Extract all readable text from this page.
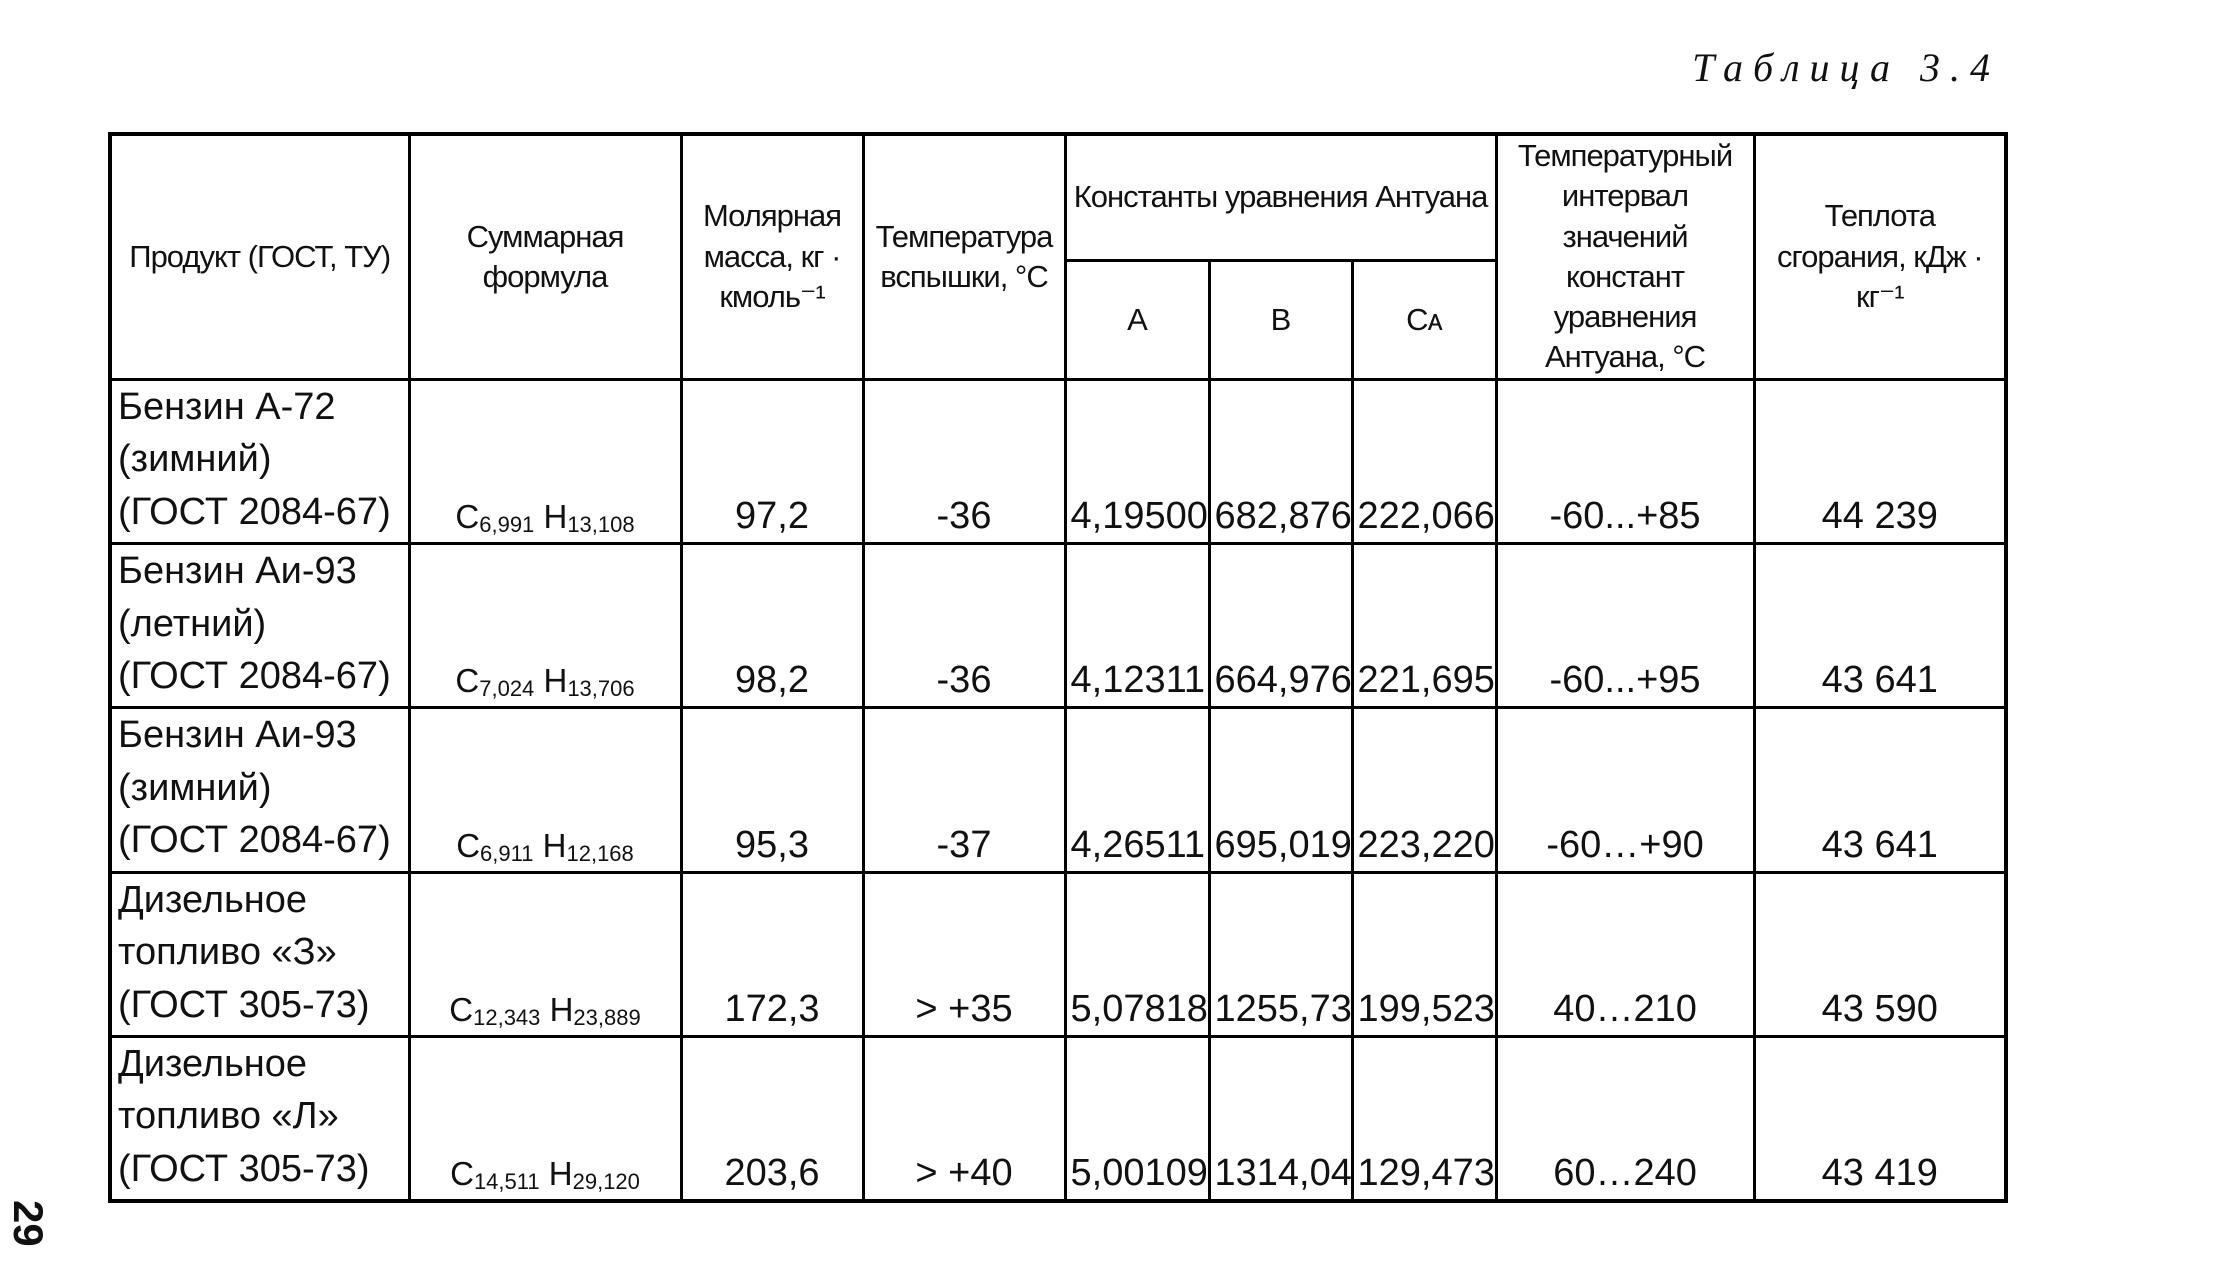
Таблица 3.4
Продукт (ГОСТ, ТУ)	Суммарная формула	Молярная масса, кг · кмоль⁻¹	Температура вспышки, °С	Константы уравнения Антуана			Температурный интервал значений констант уравнения Антуана, °С	Теплота сгорания, кДж · кг⁻¹
				А	В	Cᴀ		

Бензин А-72
(зимний)
(ГОСТ 2084-67)	$C_{6,991}$ $H_{13,108}$	97,2	-36	4,19500	682,876	222,066	-60...+85	44 239

Бензин Аи-93
(летний)
(ГОСТ 2084-67)	$C_{7,024}$ $H_{13,706}$	98,2	-36	4,12311	664,976	221,695	-60...+95	43 641

Бензин Аи-93
(зимний)
(ГОСТ 2084-67)	$C_{6,911}$ $H_{12,168}$	95,3	-37	4,26511	695,019	223,220	-60…+90	43 641

Дизельное
топливо «З»
(ГОСТ 305-73)	$C_{12,343}$ $H_{23,889}$	172,3	> +35	5,07818	1255,73	199,523	40…210	43 590

Дизельное
топливо «Л»
(ГОСТ 305-73)	$C_{14,511}$ $H_{29,120}$	203,6	> +40	5,00109	1314,04	129,473	60…240	43 419
29
